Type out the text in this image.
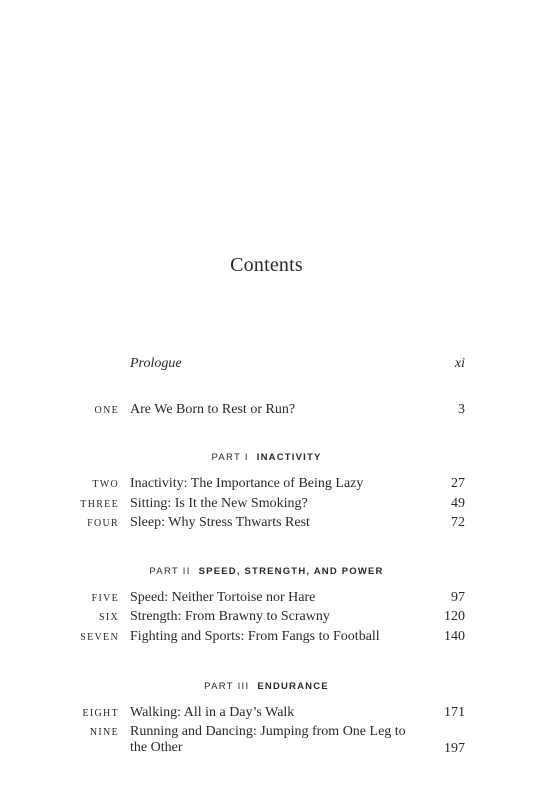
Contents
Prologue	xi
ONE Are We Born to Rest or Run?	3
PART I INACTIVITY
TWO Inactivity: The Importance of Being Lazy	27
THREE Sitting: Is It the New Smoking?	49
FOUR Sleep: Why Stress Thwarts Rest	72
PART II SPEED, STRENGTH, AND POWER
FIVE Speed: Neither Tortoise nor Hare	97
SIX Strength: From Brawny to Scrawny	120
SEVEN Fighting and Sports: From Fangs to Football	140
PART III ENDURANCE
EIGHT Walking: All in a Day’s Walk	171
NINE Running and Dancing: Jumping from One Leg to the Other	197
